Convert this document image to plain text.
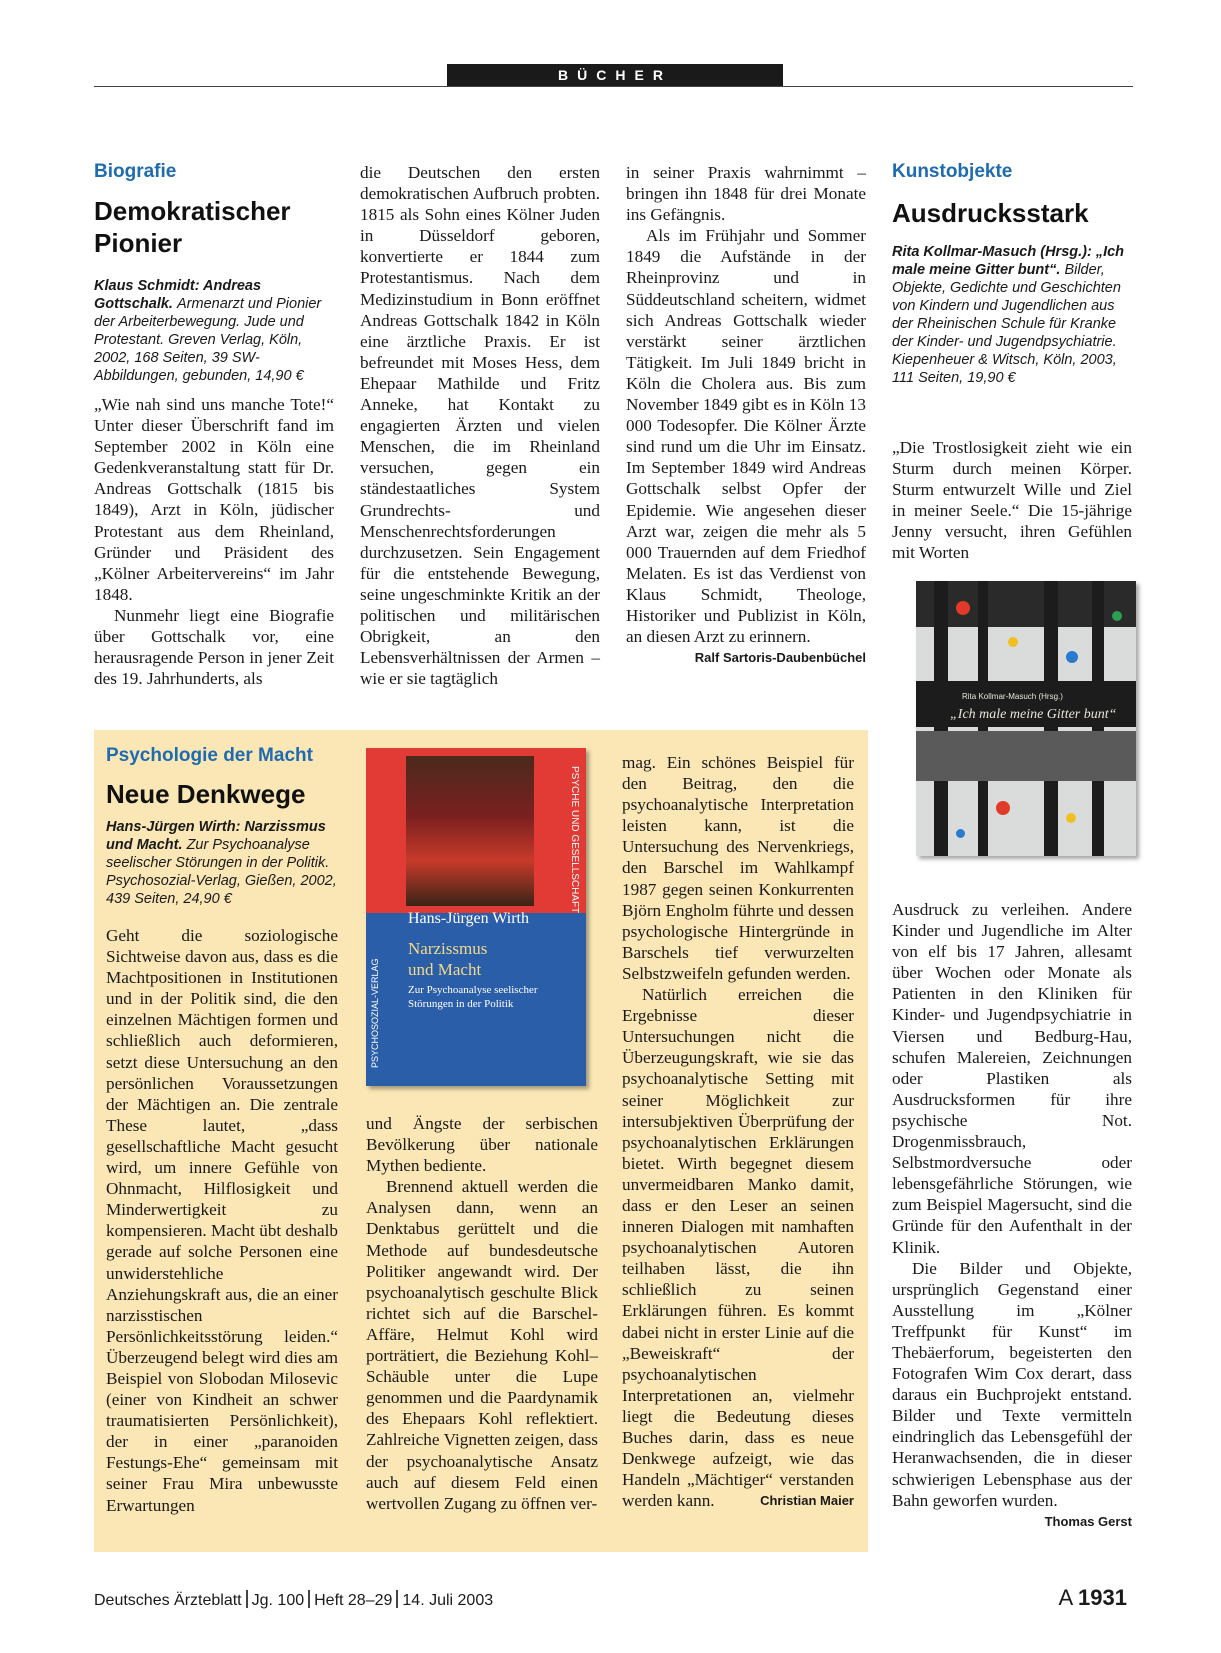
BÜCHER
Biografie
Demokratischer
Pionier
Klaus Schmidt: Andreas Gottschalk. Armenarzt und Pionier der Arbeiterbewegung. Jude und Protestant. Greven Verlag, Köln, 2002, 168 Seiten, 39 SW-Abbildungen, gebunden, 14,90 €

„Wie nah sind uns manche Tote!“ Unter dieser Überschrift fand im September 2002 in Köln eine Gedenkveranstaltung statt für Dr. Andreas Gottschalk (1815 bis 1849), Arzt in Köln, jüdischer Protestant aus dem Rheinland, Gründer und Präsident des „Kölner Arbeitervereins“ im Jahr 1848.

Nunmehr liegt eine Biografie über Gottschalk vor, eine herausragende Person in jener Zeit des 19. Jahrhunderts, als

die Deutschen den ersten demokratischen Aufbruch probten. 1815 als Sohn eines Kölner Juden in Düsseldorf geboren, konvertierte er 1844 zum Protestantismus. Nach dem Medizinstudium in Bonn eröffnet Andreas Gottschalk 1842 in Köln eine ärztliche Praxis. Er ist befreundet mit Moses Hess, dem Ehepaar Mathilde und Fritz Anneke, hat Kontakt zu engagierten Ärzten und vielen Menschen, die im Rheinland versuchen, gegen ein ständestaatliches System Grundrechts- und Menschenrechtsforderungen durchzusetzen. Sein Engagement für die entstehende Bewegung, seine ungeschminkte Kritik an der politischen und militärischen Obrigkeit, an den Lebensverhältnissen der Armen – wie er sie tagtäglich

in seiner Praxis wahrnimmt – bringen ihn 1848 für drei Monate ins Gefängnis.

Als im Frühjahr und Sommer 1849 die Aufstände in der Rheinprovinz und in Süddeutschland scheitern, widmet sich Andreas Gottschalk wieder verstärkt seiner ärztlichen Tätigkeit. Im Juli 1849 bricht in Köln die Cholera aus. Bis zum November 1849 gibt es in Köln 13 000 Todesopfer. Die Kölner Ärzte sind rund um die Uhr im Einsatz. Im September 1849 wird Andreas Gottschalk selbst Opfer der Epidemie. Wie angesehen dieser Arzt war, zeigen die mehr als 5 000 Trauernden auf dem Friedhof Melaten. Es ist das Verdienst von Klaus Schmidt, Theologe, Historiker und Publizist in Köln, an diesen Arzt zu erinnern.
Ralf Sartoris-Daubenbüchel

Psychologie der Macht
Neue Denkwege
Hans-Jürgen Wirth: Narzissmus und Macht. Zur Psychoanalyse seelischer Störungen in der Politik. Psychosozial-Verlag, Gießen, 2002, 439 Seiten, 24,90 €

Geht die soziologische Sichtweise davon aus, dass es die Machtpositionen in Institutionen und in der Politik sind, die den einzelnen Mächtigen formen und schließlich auch deformieren, setzt diese Untersuchung an den persönlichen Voraussetzungen der Mächtigen an. Die zentrale These lautet, „dass gesellschaftliche Macht gesucht wird, um innere Gefühle von Ohnmacht, Hilflosigkeit und Minderwertigkeit zu kompensieren. Macht übt deshalb gerade auf solche Personen eine unwiderstehliche Anziehungskraft aus, die an einer narzisstischen Persönlichkeitsstörung leiden.“ Überzeugend belegt wird dies am Beispiel von Slobodan Milosevic (einer von Kindheit an schwer traumatisierten Persönlichkeit), der in einer „paranoiden Festungs-Ehe“ gemeinsam mit seiner Frau Mira unbewusste Erwartungen

Hans-Jürgen Wirth
Narzissmus
und Macht
Zur Psychoanalyse seelischer Störungen in der Politik
PSYCHE UND GESELLSCHAFT
PSYCHOSOZIAL-VERLAG

und Ängste der serbischen Bevölkerung über nationale Mythen bediente.

Brennend aktuell werden die Analysen dann, wenn an Denktabus gerüttelt und die Methode auf bundesdeutsche Politiker angewandt wird. Der psychoanalytisch geschulte Blick richtet sich auf die Barschel-Affäre, Helmut Kohl wird porträtiert, die Beziehung Kohl–Schäuble unter die Lupe genommen und die Paardynamik des Ehepaars Kohl reflektiert. Zahlreiche Vignetten zeigen, dass der psychoanalytische Ansatz auch auf diesem Feld einen wertvollen Zugang zu öffnen ver-

mag. Ein schönes Beispiel für den Beitrag, den die psychoanalytische Interpretation leisten kann, ist die Untersuchung des Nervenkriegs, den Barschel im Wahlkampf 1987 gegen seinen Konkurrenten Björn Engholm führte und dessen psychologische Hintergründe in Barschels tief verwurzelten Selbstzweifeln gefunden werden.

Natürlich erreichen die Ergebnisse dieser Untersuchungen nicht die Überzeugungskraft, wie sie das psychoanalytische Setting mit seiner Möglichkeit zur intersubjektiven Überprüfung der psychoanalytischen Erklärungen bietet. Wirth begegnet diesem unvermeidbaren Manko damit, dass er den Leser an seinen inneren Dialogen mit namhaften psychoanalytischen Autoren teilhaben lässt, die ihn schließlich zu seinen Erklärungen führen. Es kommt dabei nicht in erster Linie auf die „Beweiskraft“ der psychoanalytischen Interpretationen an, vielmehr liegt die Bedeutung dieses Buches darin, dass es neue Denkwege aufzeigt, wie das Handeln „Mächtiger“ verstanden werden kann.	Christian Maier

Kunstobjekte
Ausdrucksstark
Rita Kollmar-Masuch (Hrsg.): „Ich male meine Gitter bunt“. Bilder, Objekte, Gedichte und Geschichten von Kindern und Jugendlichen aus der Rheinischen Schule für Kranke der Kinder- und Jugendpsychiatrie. Kiepenheuer & Witsch, Köln, 2003, 111 Seiten, 19,90 €

„Die Trostlosigkeit zieht wie ein Sturm durch meinen Körper. Sturm entwurzelt Wille und Ziel in meiner Seele.“ Die 15-jährige Jenny versucht, ihren Gefühlen mit Worten

Rita Kollmar-Masuch (Hrsg.)
„Ich male meine Gitter bunt“

Ausdruck zu verleihen. Andere Kinder und Jugendliche im Alter von elf bis 17 Jahren, allesamt über Wochen oder Monate als Patienten in den Kliniken für Kinder- und Jugendpsychiatrie in Viersen und Bedburg-Hau, schufen Malereien, Zeichnungen oder Plastiken als Ausdrucksformen für ihre psychische Not. Drogenmissbrauch, Selbstmordversuche oder lebensgefährliche Störungen, wie zum Beispiel Magersucht, sind die Gründe für den Aufenthalt in der Klinik.

Die Bilder und Objekte, ursprünglich Gegenstand einer Ausstellung im „Kölner Treffpunkt für Kunst“ im Thebäerforum, begeisterten den Fotografen Wim Cox derart, dass daraus ein Buchprojekt entstand. Bilder und Texte vermitteln eindringlich das Lebensgefühl der Heranwachsenden, die in dieser schwierigen Lebensphase aus der Bahn geworfen wurden.
Thomas Gerst

Deutsches Ärzteblatt Jg. 100 Heft 28–29 14. Juli 2003	A 1931
